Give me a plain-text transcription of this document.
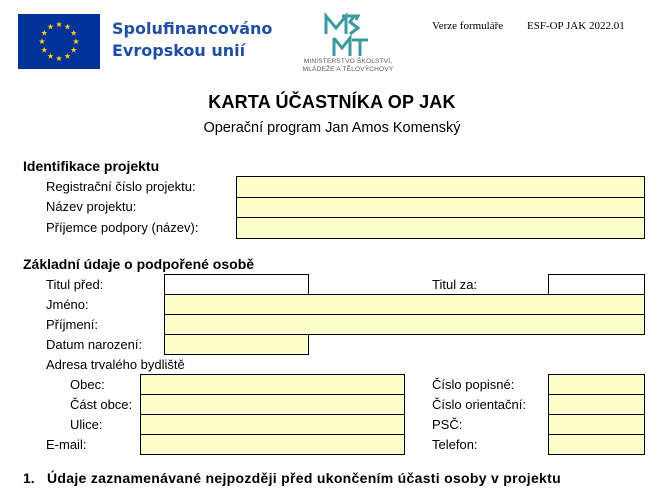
Spolufinancováno
Evropskou unií
MINISTERSTVO ŠKOLSTVÍ,
MLÁDEŽE A TĚLOVÝCHOVY
Verze formuláře ESF-OP JAK 2022.01
KARTA ÚČASTNÍKA OP JAK
Operační program Jan Amos Komenský
Identifikace projektu
Registrační číslo projektu:
Název projektu:
Příjemce podpory (název):
Základní údaje o podpořené osobě
Titul před:	Titul za:
Jméno:
Příjmení:
Datum narození:
Adresa trvalého bydliště
Obec:
Část obce:
Ulice:
E-mail:
Číslo popisné:
Číslo orientační:
PSČ:
Telefon:
1. Údaje zaznamenávané nejpozději před ukončením účasti osoby v projektu
